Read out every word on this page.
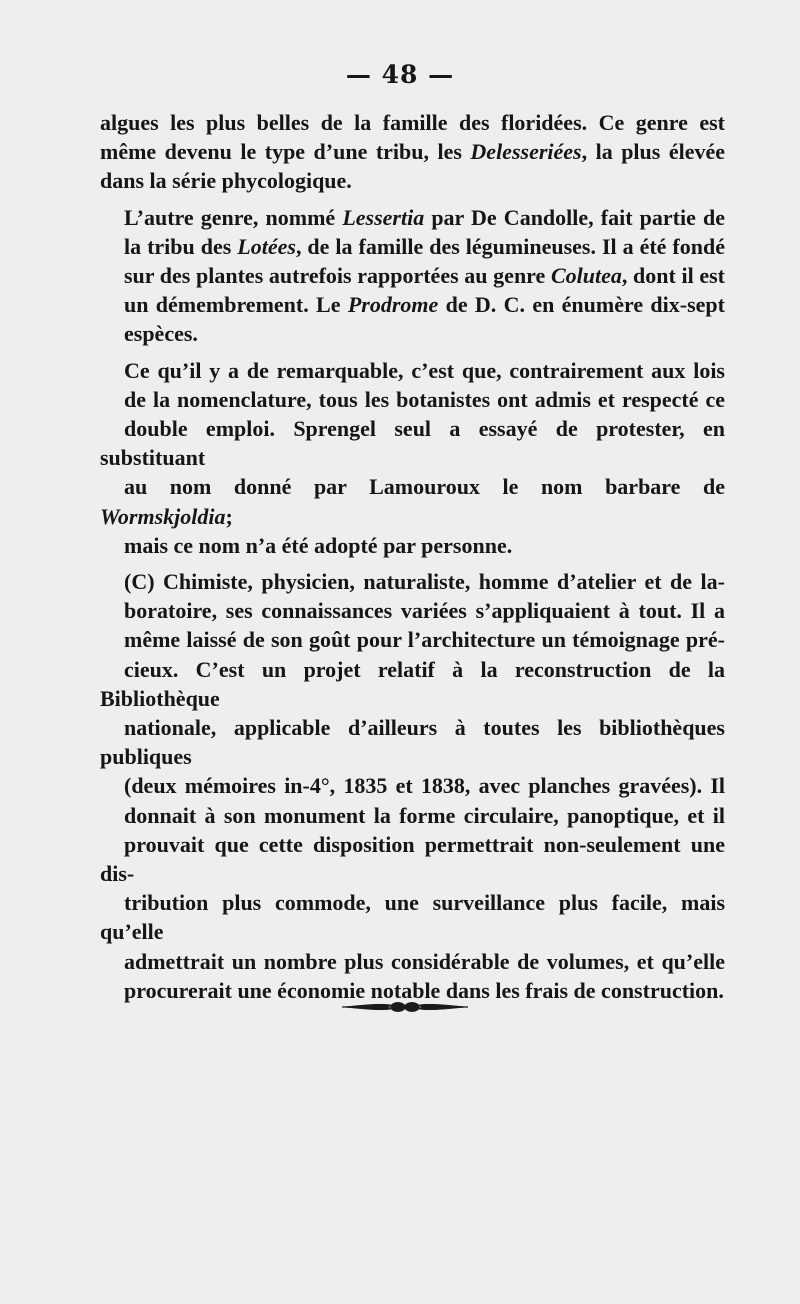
— 48 —

algues les plus belles de la famille des floridées. Ce genre est
même devenu le type d’une tribu, les Delesseriées, la plus élevée
dans la série phycologique.

L’autre genre, nommé Lessertia par De Candolle, fait partie de
la tribu des Lotées, de la famille des légumineuses. Il a été fondé
sur des plantes autrefois rapportées au genre Colutea, dont il est
un démembrement. Le Prodrome de D. C. en énumère dix-sept
espèces.

Ce qu’il y a de remarquable, c’est que, contrairement aux lois
de la nomenclature, tous les botanistes ont admis et respecté ce
double emploi. Sprengel seul a essayé de protester, en substituant
au nom donné par Lamouroux le nom barbare de Wormskjoldia;
mais ce nom n’a été adopté par personne.

(C) Chimiste, physicien, naturaliste, homme d’atelier et de la-
boratoire, ses connaissances variées s’appliquaient à tout. Il a
même laissé de son goût pour l’architecture un témoignage pré-
cieux. C’est un projet relatif à la reconstruction de la Bibliothèque
nationale, applicable d’ailleurs à toutes les bibliothèques publiques
(deux mémoires in-4°, 1835 et 1838, avec planches gravées). Il
donnait à son monument la forme circulaire, panoptique, et il
prouvait que cette disposition permettrait non-seulement une dis-
tribution plus commode, une surveillance plus facile, mais qu’elle
admettrait un nombre plus considérable de volumes, et qu’elle
procurerait une économie notable dans les frais de construction.
